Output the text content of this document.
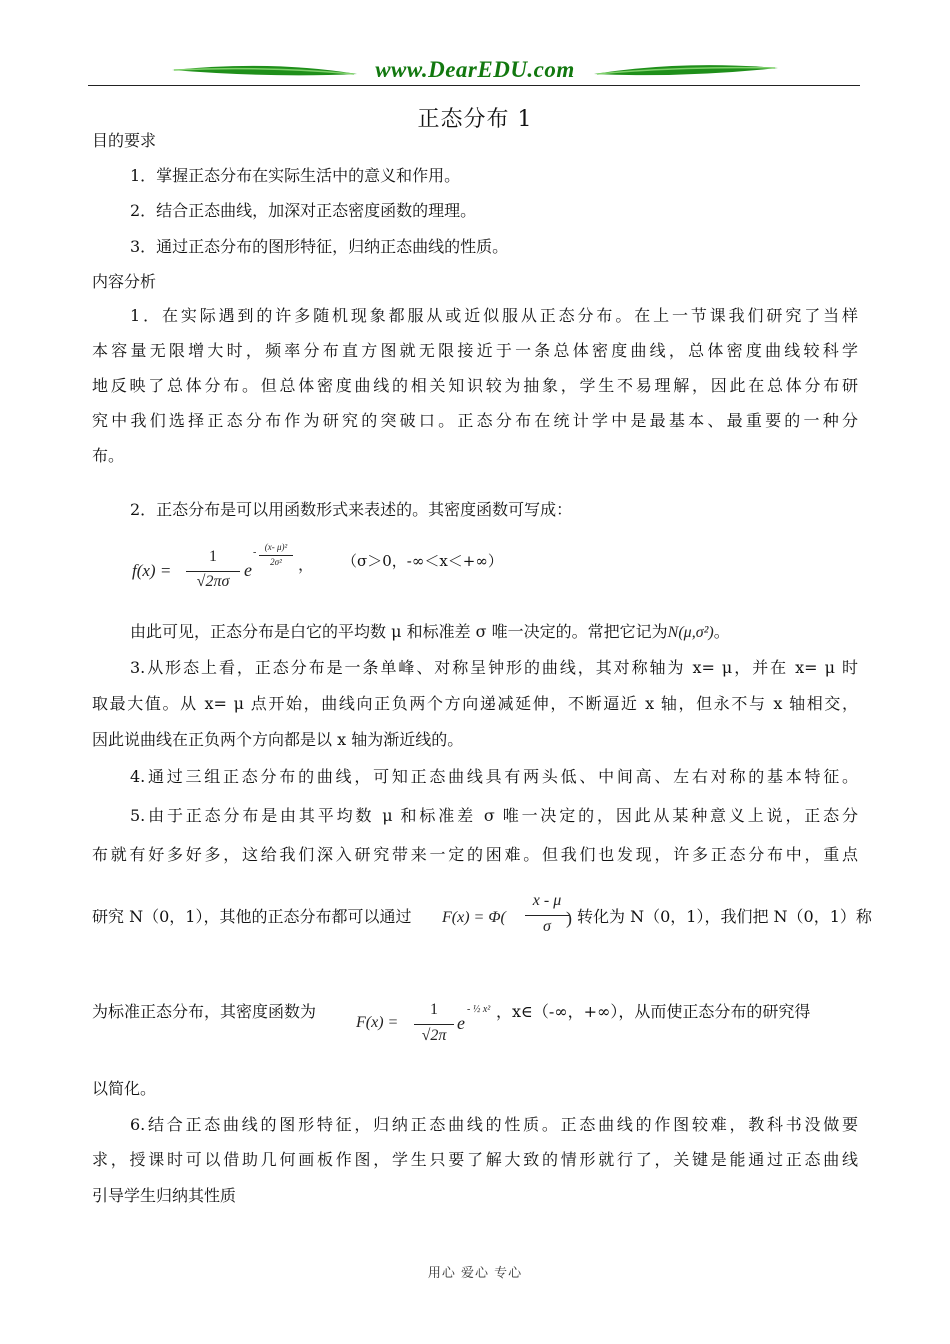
www.DearEDU.com
正态分布 1
目的要求
1．掌握正态分布在实际生活中的意义和作用。
2．结合正态曲线，加深对正态密度函数的理理。
3．通过正态分布的图形特征，归纳正态曲线的性质。
内容分析
1．在实际遇到的许多随机现象都服从或近似服从正态分布。在上一节课我们研究了当样
本容量无限增大时，频率分布直方图就无限接近于一条总体密度曲线，总体密度曲线较科学
地反映了总体分布。但总体密度曲线的相关知识较为抽象，学生不易理解，因此在总体分布研
究中我们选择正态分布作为研究的突破口。正态分布在统计学中是最基本、最重要的一种分
布。
2．正态分布是可以用函数形式来表述的。其密度函数可写成：
f(x) =
1
√2πσ
e
- (x- μ)²
2σ²	， （σ＞0，-∞＜x＜+∞）
由此可见，正态分布是白它的平均数 μ 和标准差 σ 唯一决定的。常把它记为N(μ,σ²)。
3.从形态上看，正态分布是一条单峰、对称呈钟形的曲线，其对称轴为 x= μ，并在 x= μ 时
取最大值。从 x= μ 点开始，曲线向正负两个方向递减延伸，不断逼近 x 轴，但永不与 x 轴相交，
因此说曲线在正负两个方向都是以 x 轴为渐近线的。
4.通过三组正态分布的曲线，可知正态曲线具有两头低、中间高、左右对称的基本特征。
5.由于正态分布是由其平均数 μ 和标准差 σ 唯一决定的，因此从某种意义上说，正态分
布就有好多好多，这给我们深入研究带来一定的困难。但我们也发现，许多正态分布中，重点
研究 N（0，1），其他的正态分布都可以通过 F(x) = Φ(
x - μ
σ ) 转化为 N（0，1），我们把 N（0，1）称
为标准正态分布，其密度函数为
F(x) =
1
√2π
e
- ½ x² ，x∈（-∞，+∞），从而使正态分布的研究得
以简化。
6.结合正态曲线的图形特征，归纳正态曲线的性质。正态曲线的作图较难，教科书没做要
求，授课时可以借助几何画板作图，学生只要了解大致的情形就行了，关键是能通过正态曲线
引导学生归纳其性质
用心 爱心 专心
